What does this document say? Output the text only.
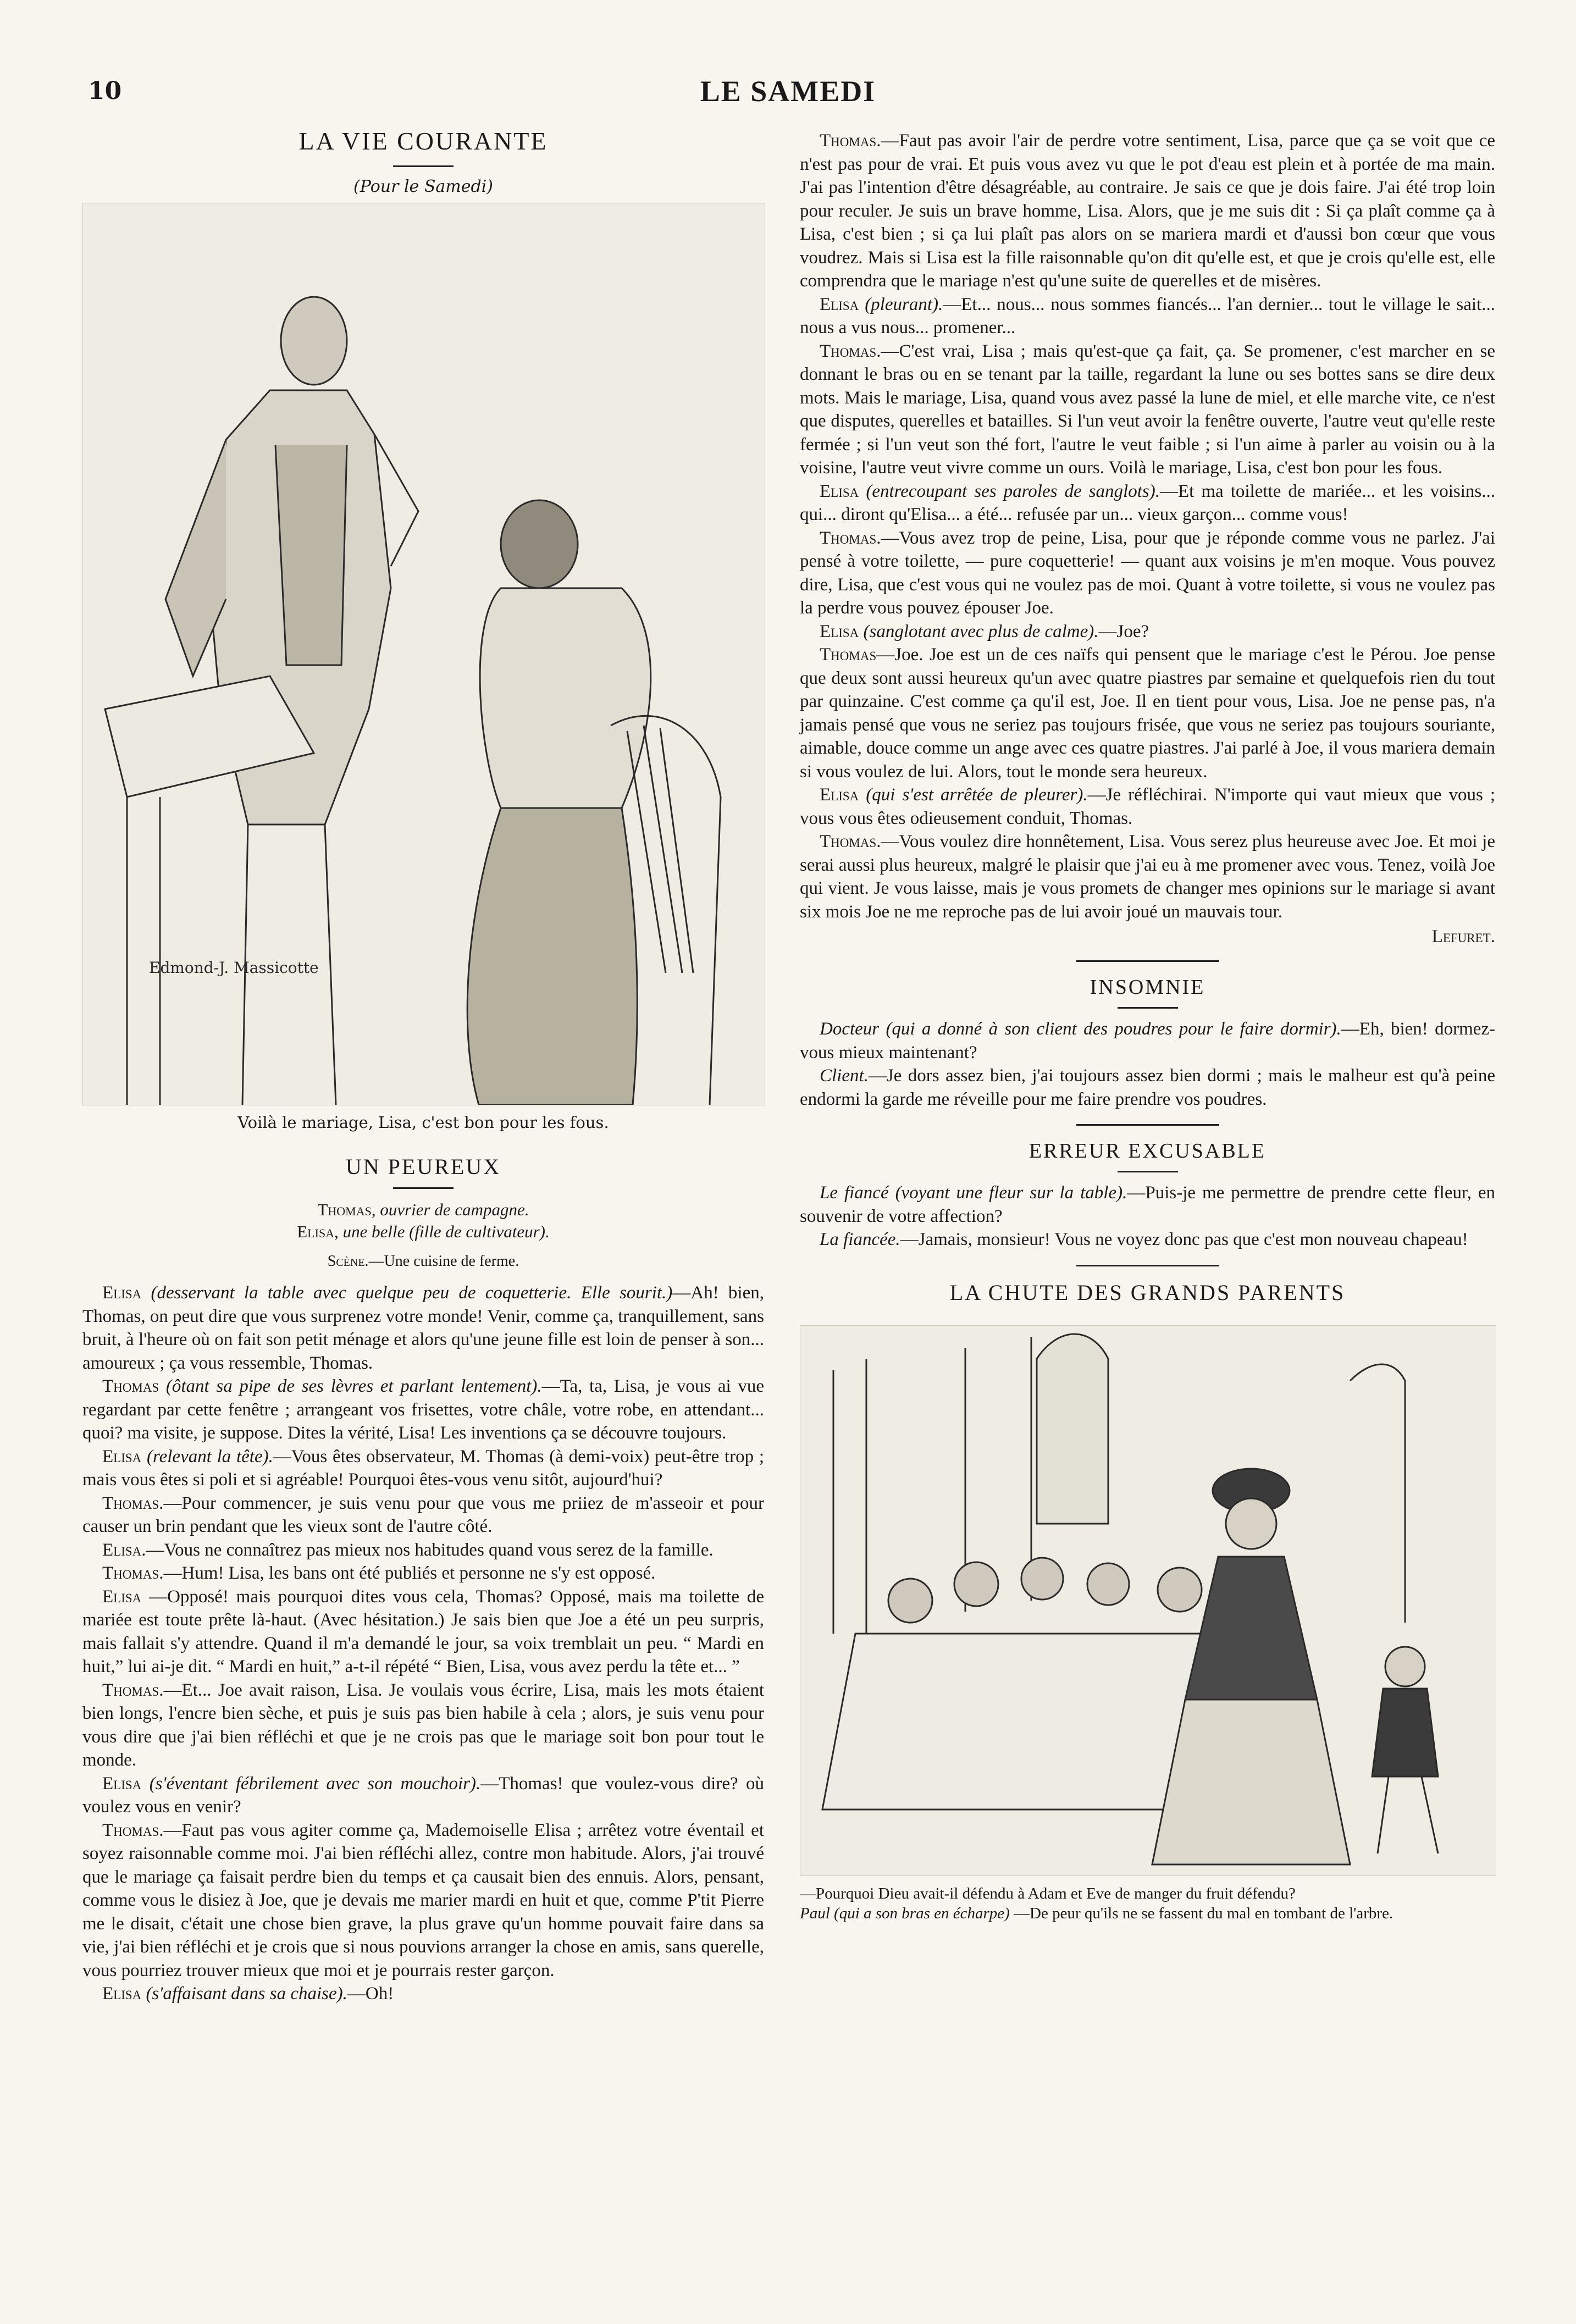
10	LE SAMEDI
LA VIE COURANTE
(Pour le Samedi)
Edmond-J. Massicotte
Voilà le mariage, Lisa, c'est bon pour les fous.
UN PEUREUX

Thomas, ouvrier de campagne.

Elisa, une belle (fille de cultivateur).

Scène.—Une cuisine de ferme.

Elisa (desservant la table avec quelque peu de coquetterie. Elle sourit.)—Ah! bien, Thomas, on peut dire que vous surprenez votre monde! Venir, comme ça, tranquillement, sans bruit, à l'heure où on fait son petit ménage et alors qu'une jeune fille est loin de penser à son... amoureux ; ça vous ressemble, Thomas.

Thomas (ôtant sa pipe de ses lèvres et parlant lentement).—Ta, ta, Lisa, je vous ai vue regardant par cette fenêtre ; arrangeant vos frisettes, votre châle, votre robe, en attendant... quoi? ma visite, je suppose. Dites la vérité, Lisa! Les inventions ça se découvre toujours.

Elisa (relevant la tête).—Vous êtes observateur, M. Thomas (à demi-voix) peut-être trop ; mais vous êtes si poli et si agréable! Pourquoi êtes-vous venu sitôt, aujourd'hui?

Thomas.—Pour commencer, je suis venu pour que vous me priiez de m'asseoir et pour causer un brin pendant que les vieux sont de l'autre côté.

Elisa.—Vous ne connaîtrez pas mieux nos habitudes quand vous serez de la famille.

Thomas.—Hum! Lisa, les bans ont été publiés et personne ne s'y est opposé.

Elisa —Opposé! mais pourquoi dites vous cela, Thomas? Opposé, mais ma toilette de mariée est toute prête là-haut. (Avec hésitation.) Je sais bien que Joe a été un peu surpris, mais fallait s'y attendre. Quand il m'a demandé le jour, sa voix tremblait un peu. “ Mardi en huit,” lui ai-je dit. “ Mardi en huit,” a-t-il répété “ Bien, Lisa, vous avez perdu la tête et... ”

Thomas.—Et... Joe avait raison, Lisa. Je voulais vous écrire, Lisa, mais les mots étaient bien longs, l'encre bien sèche, et puis je suis pas bien habile à cela ; alors, je suis venu pour vous dire que j'ai bien réfléchi et que je ne crois pas que le mariage soit bon pour tout le monde.

Elisa (s'éventant fébrilement avec son mouchoir).—Thomas! que voulez-vous dire? où voulez vous en venir?

Thomas.—Faut pas vous agiter comme ça, Mademoiselle Elisa ; arrêtez votre éventail et soyez raisonnable comme moi. J'ai bien réfléchi allez, contre mon habitude. Alors, j'ai trouvé que le mariage ça faisait perdre bien du temps et ça causait bien des ennuis. Alors, pensant, comme vous le disiez à Joe, que je devais me marier mardi en huit et que, comme P'tit Pierre me le disait, c'était une chose bien grave, la plus grave qu'un homme pouvait faire dans sa vie, j'ai bien réfléchi et je crois que si nous pouvions arranger la chose en amis, sans querelle, vous pourriez trouver mieux que moi et je pourrais rester garçon.

Elisa (s'affaisant dans sa chaise).—Oh!

Thomas.—Faut pas avoir l'air de perdre votre sentiment, Lisa, parce que ça se voit que ce n'est pas pour de vrai. Et puis vous avez vu que le pot d'eau est plein et à portée de ma main. J'ai pas l'intention d'être désagréable, au contraire. Je sais ce que je dois faire. J'ai été trop loin pour reculer. Je suis un brave homme, Lisa. Alors, que je me suis dit : Si ça plaît comme ça à Lisa, c'est bien ; si ça lui plaît pas alors on se mariera mardi et d'aussi bon cœur que vous voudrez. Mais si Lisa est la fille raisonnable qu'on dit qu'elle est, et que je crois qu'elle est, elle comprendra que le mariage n'est qu'une suite de querelles et de misères.

Elisa (pleurant).—Et... nous... nous sommes fiancés... l'an dernier... tout le village le sait... nous a vus nous... promener...

Thomas.—C'est vrai, Lisa ; mais qu'est-que ça fait, ça. Se promener, c'est marcher en se donnant le bras ou en se tenant par la taille, regardant la lune ou ses bottes sans se dire deux mots. Mais le mariage, Lisa, quand vous avez passé la lune de miel, et elle marche vite, ce n'est que disputes, querelles et batailles. Si l'un veut avoir la fenêtre ouverte, l'autre veut qu'elle reste fermée ; si l'un veut son thé fort, l'autre le veut faible ; si l'un aime à parler au voisin ou à la voisine, l'autre veut vivre comme un ours. Voilà le mariage, Lisa, c'est bon pour les fous.

Elisa (entrecoupant ses paroles de sanglots).—Et ma toilette de mariée... et les voisins... qui... diront qu'Elisa... a été... refusée par un... vieux garçon... comme vous!

Thomas.—Vous avez trop de peine, Lisa, pour que je réponde comme vous ne parlez. J'ai pensé à votre toilette, — pure coquetterie! — quant aux voisins je m'en moque. Vous pouvez dire, Lisa, que c'est vous qui ne voulez pas de moi. Quant à votre toilette, si vous ne voulez pas la perdre vous pouvez épouser Joe.

Elisa (sanglotant avec plus de calme).—Joe?

Thomas—Joe. Joe est un de ces naïfs qui pensent que le mariage c'est le Pérou. Joe pense que deux sont aussi heureux qu'un avec quatre piastres par semaine et quelquefois rien du tout par quinzaine. C'est comme ça qu'il est, Joe. Il en tient pour vous, Lisa. Joe ne pense pas, n'a jamais pensé que vous ne seriez pas toujours frisée, que vous ne seriez pas toujours souriante, aimable, douce comme un ange avec ces quatre piastres. J'ai parlé à Joe, il vous mariera demain si vous voulez de lui. Alors, tout le monde sera heureux.

Elisa (qui s'est arrêtée de pleurer).—Je réfléchirai. N'importe qui vaut mieux que vous ; vous vous êtes odieusement conduit, Thomas.

Thomas.—Vous voulez dire honnêtement, Lisa. Vous serez plus heureuse avec Joe. Et moi je serai aussi plus heureux, malgré le plaisir que j'ai eu à me promener avec vous. Tenez, voilà Joe qui vient. Je vous laisse, mais je vous promets de changer mes opinions sur le mariage si avant six mois Joe ne me reproche pas de lui avoir joué un mauvais tour.

Lefuret.

INSOMNIE

Docteur (qui a donné à son client des poudres pour le faire dormir).—Eh, bien! dormez-vous mieux maintenant?

Client.—Je dors assez bien, j'ai toujours assez bien dormi ; mais le malheur est qu'à peine endormi la garde me réveille pour me faire prendre vos poudres.

ERREUR EXCUSABLE

Le fiancé (voyant une fleur sur la table).—Puis-je me permettre de prendre cette fleur, en souvenir de votre affection?

La fiancée.—Jamais, monsieur! Vous ne voyez donc pas que c'est mon nouveau chapeau!

LA CHUTE DES GRANDS PARENTS

—Pourquoi Dieu avait-il défendu à Adam et Eve de manger du fruit défendu?

Paul (qui a son bras en écharpe) —De peur qu'ils ne se fassent du mal en tombant de l'arbre.
